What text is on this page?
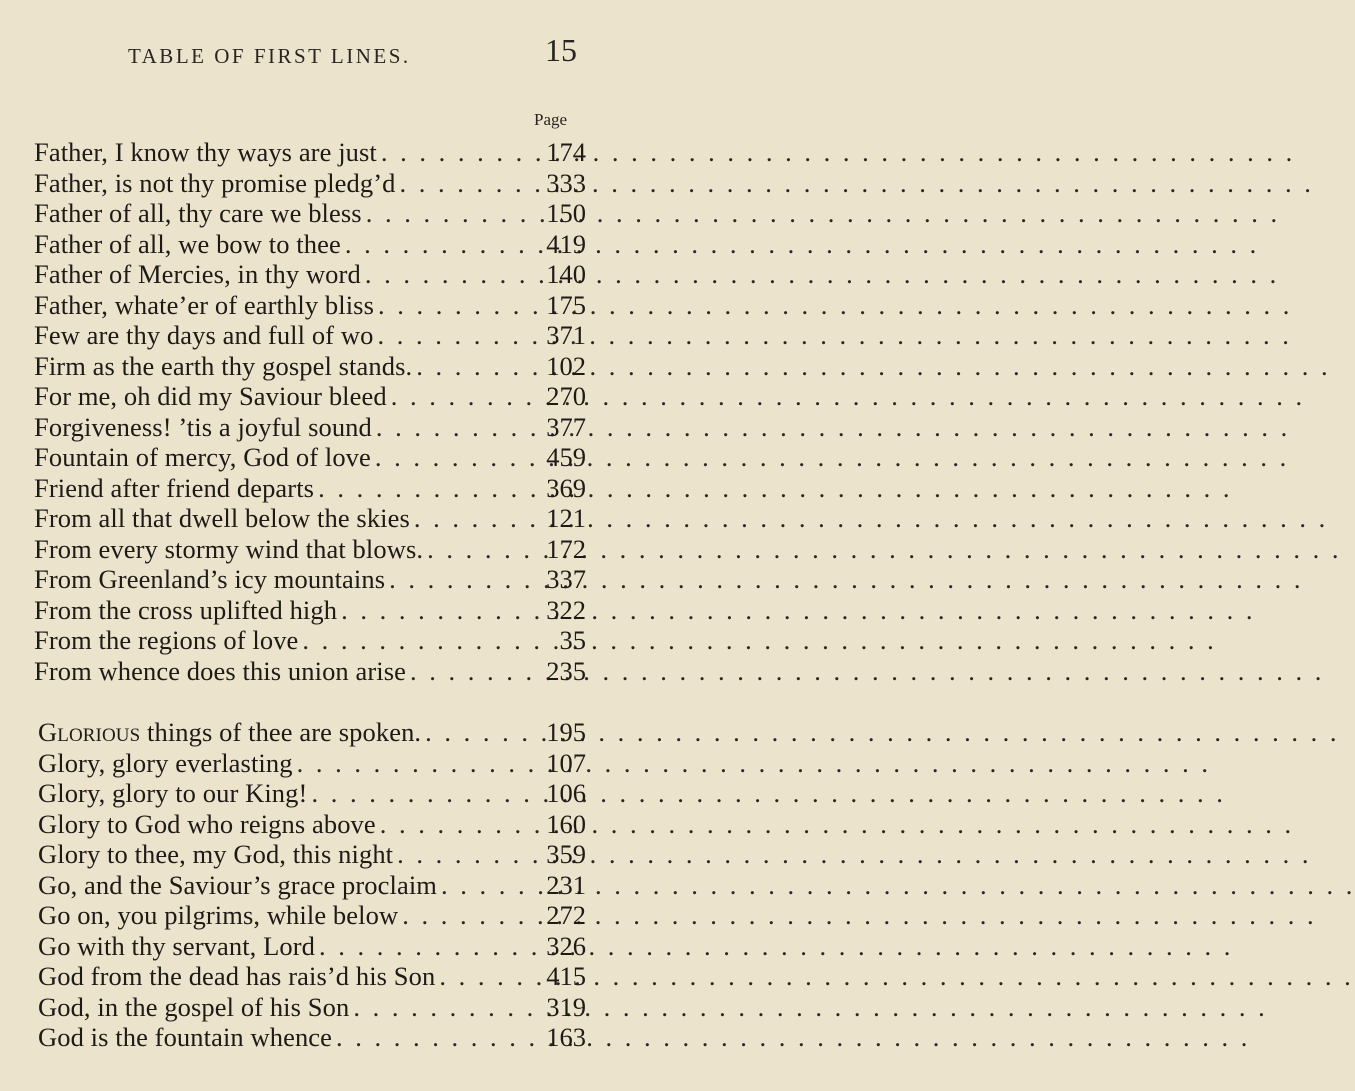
TABLE OF FIRST LINES.	15
Page
Father, I know thy ways are just . . .	174
Father, is not thy promise pledg’d . . .	333
Father of all, thy care we bless . . .	150
Father of all, we bow to thee . . .	419
Father of Mercies, in thy word . . .	140
Father, whate’er of earthly bliss . . .	175
Few are thy days and full of wo . . .	371
Firm as the earth thy gospel stands. . . .	102
For me, oh did my Saviour bleed . . .	270
Forgiveness! ’tis a joyful sound . . .	377
Fountain of mercy, God of love . . .	459
Friend after friend departs . . .	369
From all that dwell below the skies . . .	121
From every stormy wind that blows. . . .	172
From Greenland’s icy mountains . . .	337
From the cross uplifted high . . .	322
From the regions of love . . .	35
From whence does this union arise . . .	235
Glorious things of thee are spoken. . . .	195
Glory, glory everlasting . . .	107
Glory, glory to our King! . . .	106
Glory to God who reigns above . . .	160
Glory to thee, my God, this night . . .	359
Go, and the Saviour’s grace proclaim . . .	231
Go on, you pilgrims, while below . . .	272
Go with thy servant, Lord . . .	326
God from the dead has rais’d his Son . . .	415
God, in the gospel of his Son . . .	319
God is the fountain whence . . .	163
